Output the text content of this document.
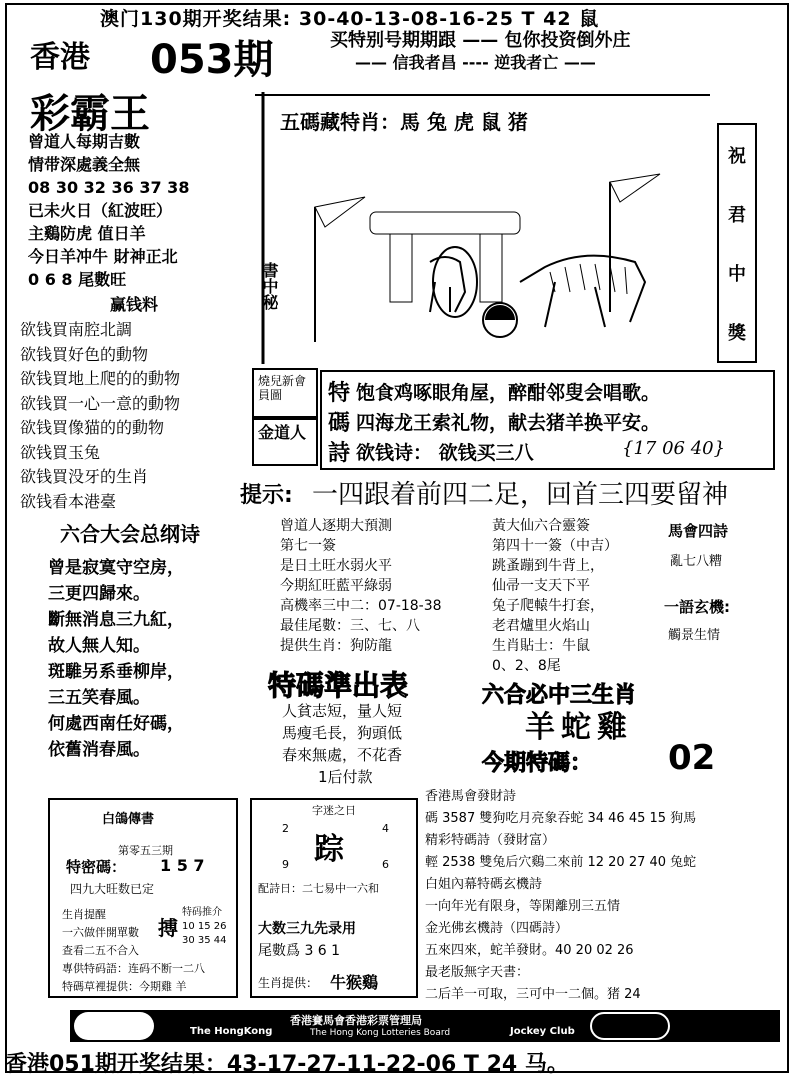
澳门130期开奖结果: 30-40-13-08-16-25 T 42 鼠
香港 053期
彩霸王
买特别号期期跟 —— 包你投资倒外庄
—— 信我者昌 ---- 逆我者亡 ——
曾道人每期吉數
情带深處義全無
08 30 32 36 37 38
已未火日（紅波旺）
主鷄防虎 值日羊
今日羊冲牛 財神正北
0 6 8 尾數旺
赢钱料
欲钱買南腔北調
欲钱買好色的動物
欲钱買地上爬的的動物
欲钱買一心一意的動物
欲钱買像猫的的動物
欲钱買玉兔
欲钱買没牙的生肖
欲钱看本港臺
五碼藏特肖：馬 兔 虎 鼠 猪
書中秘
祝
君
中
獎
燒兒新會員圖
金道人
特
碼
詩
饱食鸡啄眼角屋，醉酣邻叟会唱歌。
四海龙王索礼物，献去猪羊换平安。
欲钱诗： 欲钱买三八	{17 06 40}
提示: 一四跟着前四二足，回首三四要留神
六合大会总纲诗
曾是寂寞守空房，
三更四歸來。
斷無消息三九紅，
故人無人知。
斑騅另系垂柳岸，
三五笑春風。
何處西南任好碼，
依舊消春風。
曾道人逐期大預測
第七一簽
是日土旺水弱火平
今期紅旺藍平綠弱
高機率三中二：07-18-38
最佳尾數：三、七、八
提供生肖：狗防龍
特碼準出表
人貧志短，量人短
馬瘦毛長，狗頭低
春來無處，不花香
1后付款
黃大仙六合靈簽
第四十一簽（中吉）
跳蚤蹦到牛背上，
仙帚一支天下平
兔子爬轅牛打套，
老君爐里火焰山
生肖貼士：牛鼠
0、2、8尾
六合必中三生肖
羊蛇雞
今期特碼： 02
馬會四詩
亂七八糟
一語玄機:
觸景生情
白鴿傳書
第零五三期
特密碼： 1 5 7
四九大旺数已定
生肖提醒
一六做伴開單數
查看二五不合入
專供特码語：连码不断一二八
特碼草裡提供：今期雞 羊
特码推介
10 15 26
30 35 44
搏
字迷之日
踪
2	4
9	6
配詩日：二七易中一六和
大数三九先录用
尾數爲 3 6 1
生肖提供： 牛猴鷄
香港馬會發財詩
碼 3587 雙狗吃月亮象吞蛇 34 46 45 15 狗馬
精彩特碼詩（發財富）
輕 2538 雙兔后穴鷄二來前 12 20 27 40 兔蛇
白姐內幕特碼玄機詩
一向年光有限身，等閑離別三五情
金光佛玄機詩（四碼詩）
五來四來，蛇羊發財。40 20 02 26
最老版無字天書：
二后羊一可取，三可中一二個。猪 24
The HongKong
香港賽馬會香港彩票管理局
The Hong Kong Lotteries Board	Jockey Club
香港051期开奖结果：43-17-27-11-22-06 T 24 马。
